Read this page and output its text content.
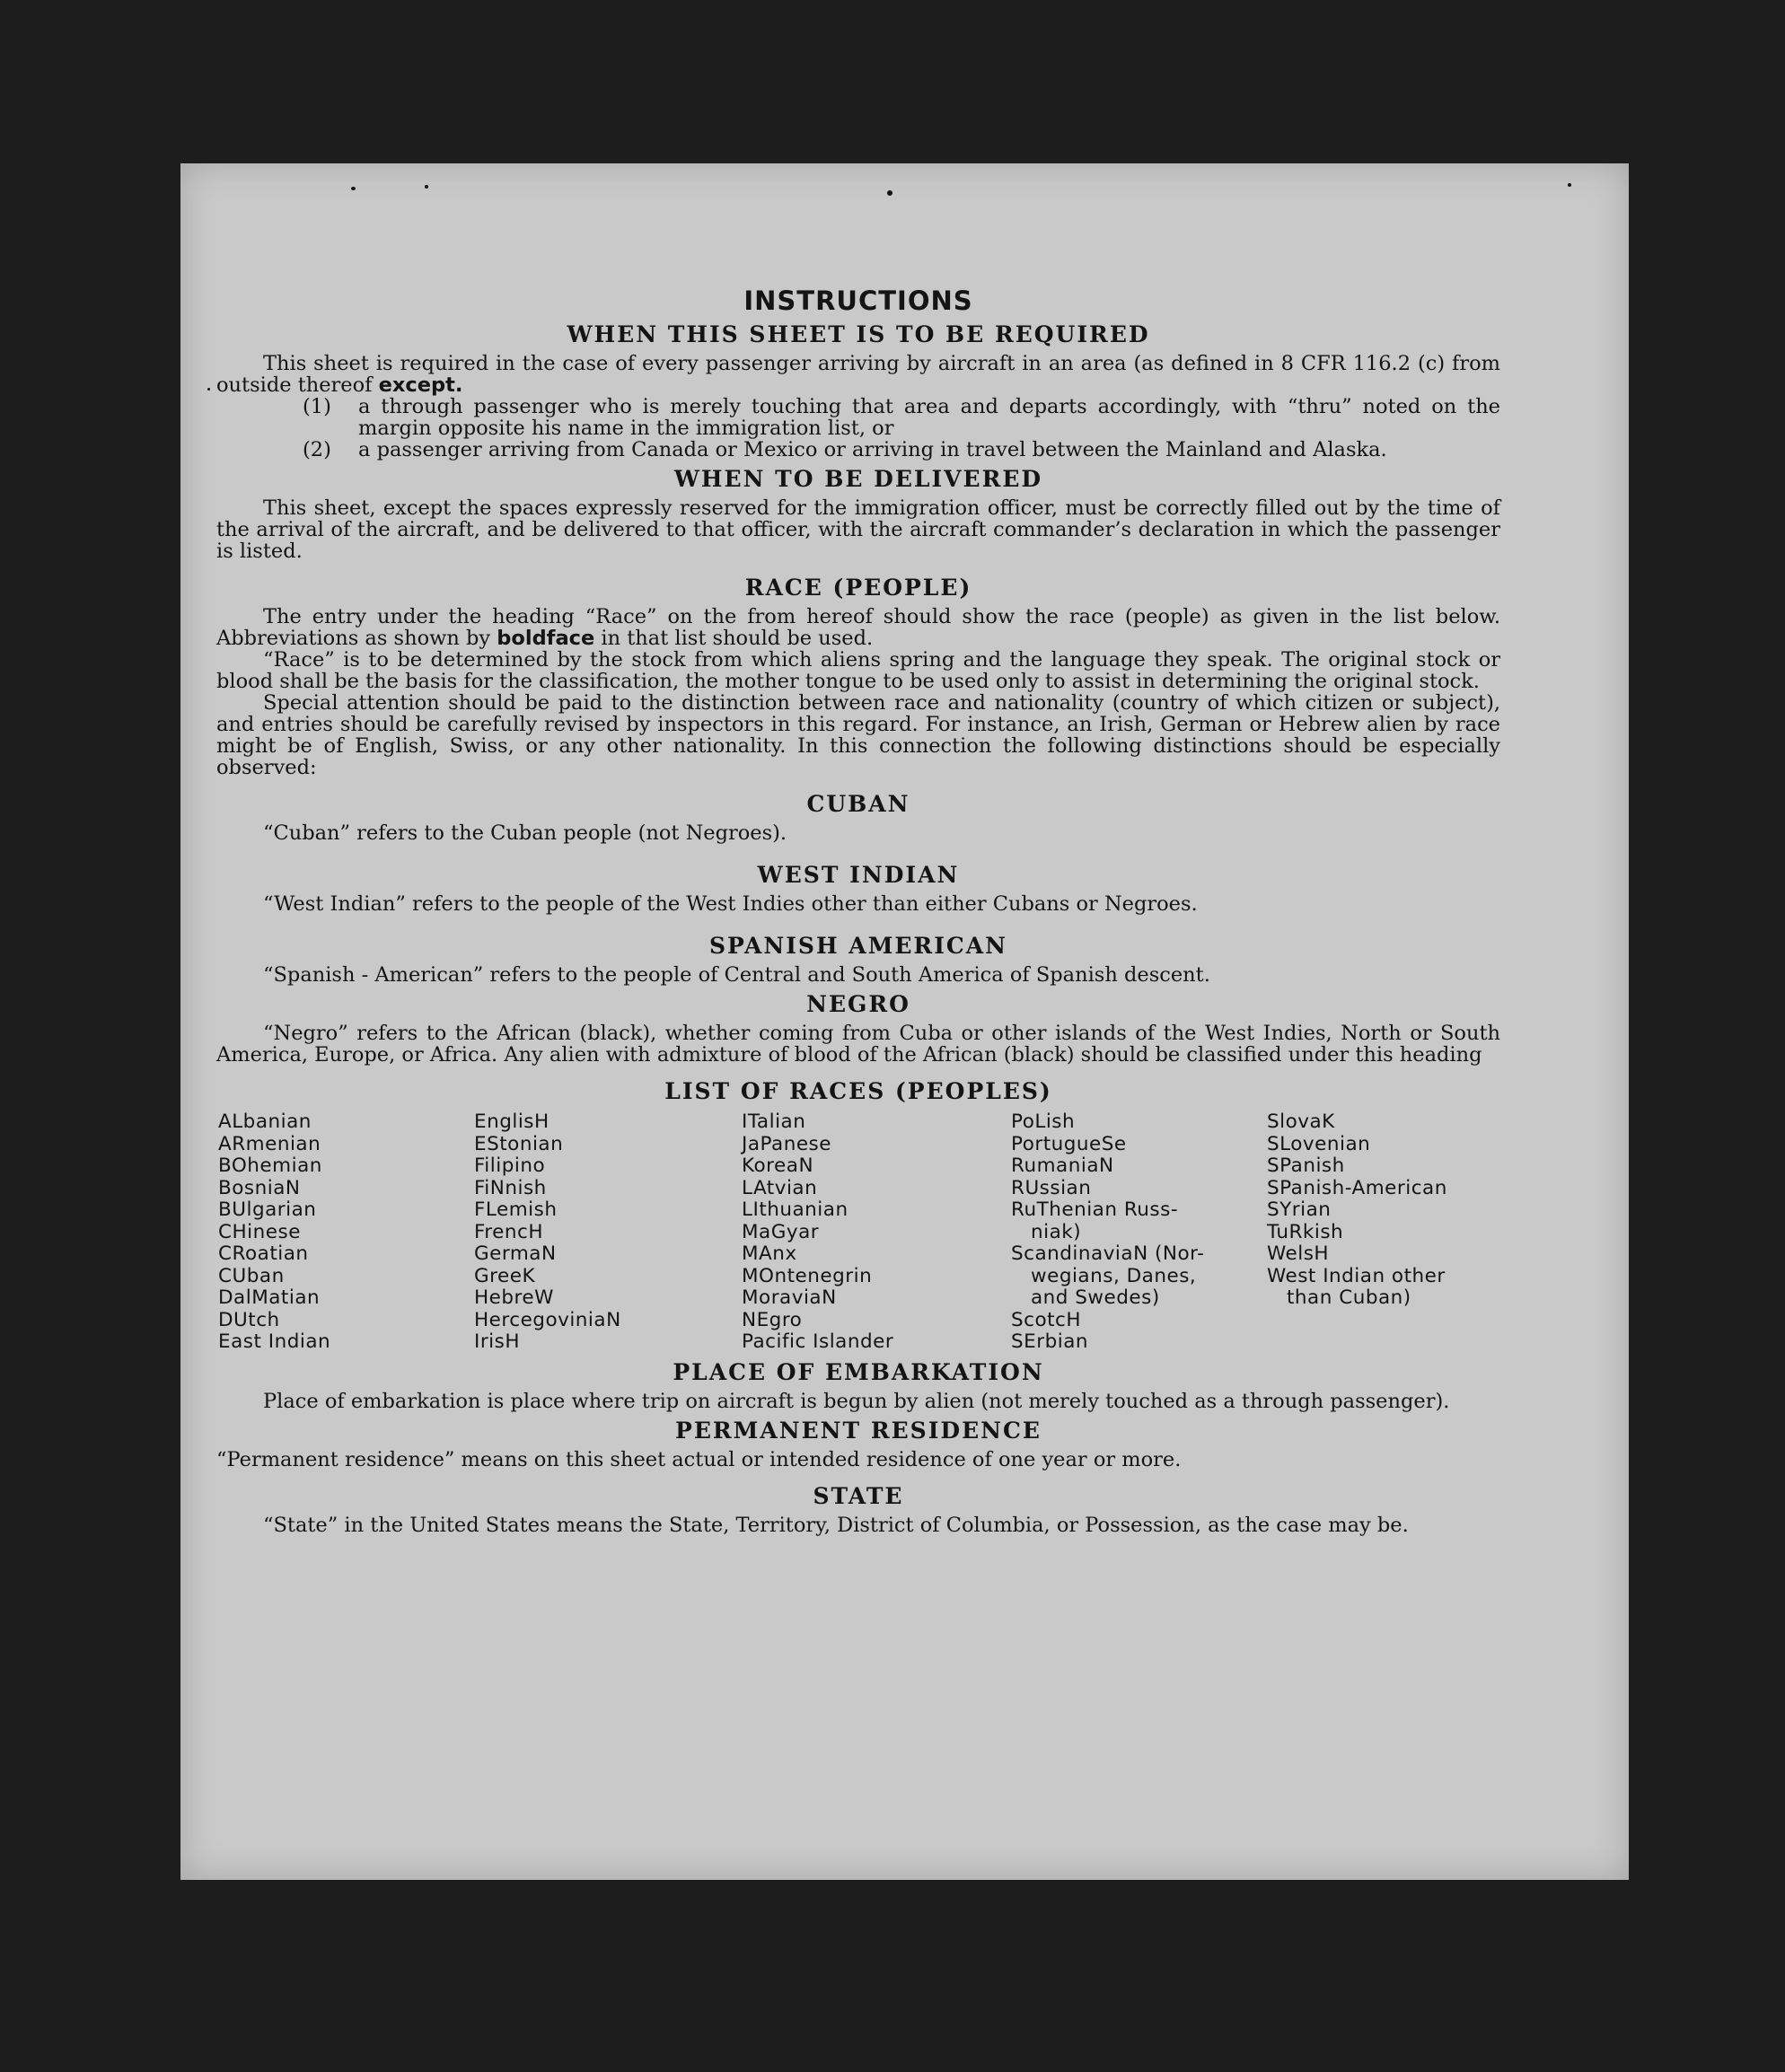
INSTRUCTIONS
WHEN THIS SHEET IS TO BE REQUIRED

This sheet is required in the case of every passenger arriving by aircraft in an area (as defined in 8 CFR 116.2 (c) from outside thereof except.

(1)	a through passenger who is merely touching that area and departs accordingly, with “thru” noted on the margin opposite his name in the immigration list, or
(2)	a passenger arriving from Canada or Mexico or arriving in travel between the Mainland and Alaska.
WHEN TO BE DELIVERED

This sheet, except the spaces expressly reserved for the immigration officer, must be correctly filled out by the time of the arrival of the aircraft, and be delivered to that officer, with the aircraft commander’s declaration in which the passenger is listed.

RACE (PEOPLE)

The entry under the heading “Race” on the from hereof should show the race (people) as given in the list below. Abbreviations as shown by boldface in that list should be used.

“Race” is to be determined by the stock from which aliens spring and the language they speak. The original stock or blood shall be the basis for the classification, the mother tongue to be used only to assist in determining the original stock.

Special attention should be paid to the distinction between race and nationality (country of which citizen or subject), and entries should be carefully revised by inspectors in this regard. For instance, an Irish, German or Hebrew alien by race might be of English, Swiss, or any other nationality. In this connection the following distinctions should be especially observed:

CUBAN

“Cuban” refers to the Cuban people (not Negroes).

WEST INDIAN

“West Indian” refers to the people of the West Indies other than either Cubans or Negroes.

SPANISH AMERICAN

“Spanish - American” refers to the people of Central and South America of Spanish descent.

NEGRO

“Negro” refers to the African (black), whether coming from Cuba or other islands of the West Indies, North or South America, Europe, or Africa. Any alien with admixture of blood of the African (black) should be classified under this heading

LIST OF RACES (PEOPLES)
ALbanian
ARmenian
BOhemian
BosniaN
BUlgarian
CHinese
CRoatian
CUban
DalMatian
DUtch
East Indian
EnglisH
EStonian
Filipino
FiNnish
FLemish
FrencH
GermaN
GreeK
HebreW
HercegoviniaN
IrisH
ITalian
JaPanese
KoreaN
LAtvian
LIthuanian
MaGyar
MAnx
MOntenegrin
MoraviaN
NEgro
Pacific Islander
PoLish
PortugueSe
RumaniaN
RUssian
RuThenian Russ-
niak)
ScandinaviaN (Nor-
wegians, Danes,
and Swedes)
ScotcH
SErbian
SlovaK
SLovenian
SPanish
SPanish-American
SYrian
TuRkish
WelsH
West Indian other
than Cuban)
PLACE OF EMBARKATION

Place of embarkation is place where trip on aircraft is begun by alien (not merely touched as a through passenger).

PERMANENT RESIDENCE

“Permanent residence” means on this sheet actual or intended residence of one year or more.

STATE

“State” in the United States means the State, Territory, District of Columbia, or Possession, as the case may be.
